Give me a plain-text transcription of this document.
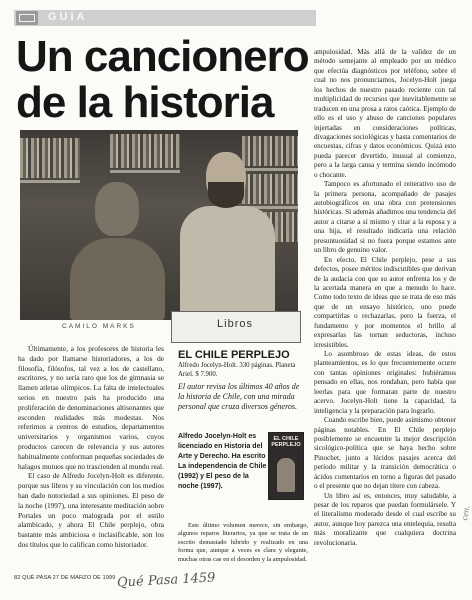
GUIA
Un cancionero
de la historia
CAMILO MARKS

Últimamente, a los profesores de historia les ha dado por llamarse historiadores, a los de filosofía, filósofos, tal vez a los de castellano, escritores, y no sería raro que los de gimnasia se llamen atletas olímpicos. La falta de intelectuales serios en nuestro país ha producido una proliferación de denominaciones altisonantes que esconden realidades más modestas. Nos referimos a centros de estudios, departamentos universitarios y organismos varios, cuyos productos carecen de relevancia y sus autores habitualmente conforman pequeñas sociedades de halagos mutuos que no trascienden al mundo real.

El caso de Alfredo Jocelyn-Holt es diferente, porque sus libros y su vinculación con los medios han dado notoriedad a sus opiniones. El peso de la noche (1997), una interesante meditación sobre Portales un poco malograda por el estilo alambicado, y ahora El Chile perplejo, obra bastante más ambiciosa e inclasificable, son los dos títulos que lo califican como historiador.

Libros
EL CHILE PERPLEJO
Alfredo Jocelyn-Holt. 330 páginas. Planeta Ariel. $ 7.900.
El autor revisa los últimos 40 años de la historia de Chile, con una mirada personal que cruza diversos géneros.
Alfredo Jocelyn-Holt es licenciado en Historia del Arte y Derecho. Ha escrito La independencia de Chile (1992) y El peso de la noche (1997).
EL CHILE PERPLEJO

Este último volumen merece, sin embargo, algunos reparos literarios, ya que se trata de un escrito demasiado híbrido y realizado en una forma que, aunque a veces es clara y elegante, muchas otras cae en el desorden y la ampulosidad.

ampulosidad. Más allá de la validez de un método semejante al empleado por un médico que efectúa diagnósticos por teléfono, sobre el cual no nos pronunciamos, Jocelyn-Holt juega los hechos de nuestro pasado reciente con tal multiplicidad de recursos que inevitablemente se traducen en una prosa a ratos caótica. Ejemplo de ello es el uso y abuso de canciones populares injertadas en consideraciones políticas, divagaciones sociológicas y hasta comentarios de encuestas, cifras y datos económicos. Quizá esto pueda parecer divertido, inusual al comienzo, pero a la larga cansa y termina siendo incómodo o chocante.

Tampoco es afortunado el reiterativo uso de la primera persona, acompañado de pasajes autobiográficos en una obra con pretensiones históricas. Si además añadimos una tendencia del autor a citarse a sí mismo y citar a la esposa y a una hija, el resultado indicaría una relación presuntuosidad si no fuera porque estamos ante un libro de genuino valor.

En efecto, El Chile perplejo, pese a sus defectos, posee méritos indiscutibles que derivan de la audacia con que su autor enfrenta los y de la acertada manera en que a menudo lo hace. Como todo texto de ideas que se trata de eso más que de un ensayo histórico, uno puede compartirlas o rechazarlas, pero la fuerza, el fundamento y por momentos el brillo al expresarlas las tornan seductoras, incluso irresistibles.

Lo asombroso de estas ideas, de estos planteamientos, es lo que frecuentemente ocurre con tantas opiniones originales: hubiéramos pensado en ellas, nos rondaban, pero había que leerlas para que formaran parte de nuestro acervo. Jocelyn-Holt tiene la capacidad, la inteligencia y la preparación para lograrlo.

Cuando escribe bien, puede asimismo obtener páginas notables. En El Chile perplejo posiblemente se encuentre la mejor descripción sicológico-política que se haya hecho sobre Pinochet, junto a lúcidos pasajes acerca del período militar y la transición democrática o ácidos comentarios en torno a figuras del pasado o el presente que no dejan títere con cabeza.

Un libro así es, entonces, muy saludable, a pesar de los reparos que puedan formulársele. Y el literalismo moderado desde el cual escribe su autor, aunque hoy parezca una entelequia, resulta más moralizante que cualquiera doctrina revolucionaria.

82 QUÉ PASA 27 DE MARZO DE 1999 Qué Pasa 1459
cen.
